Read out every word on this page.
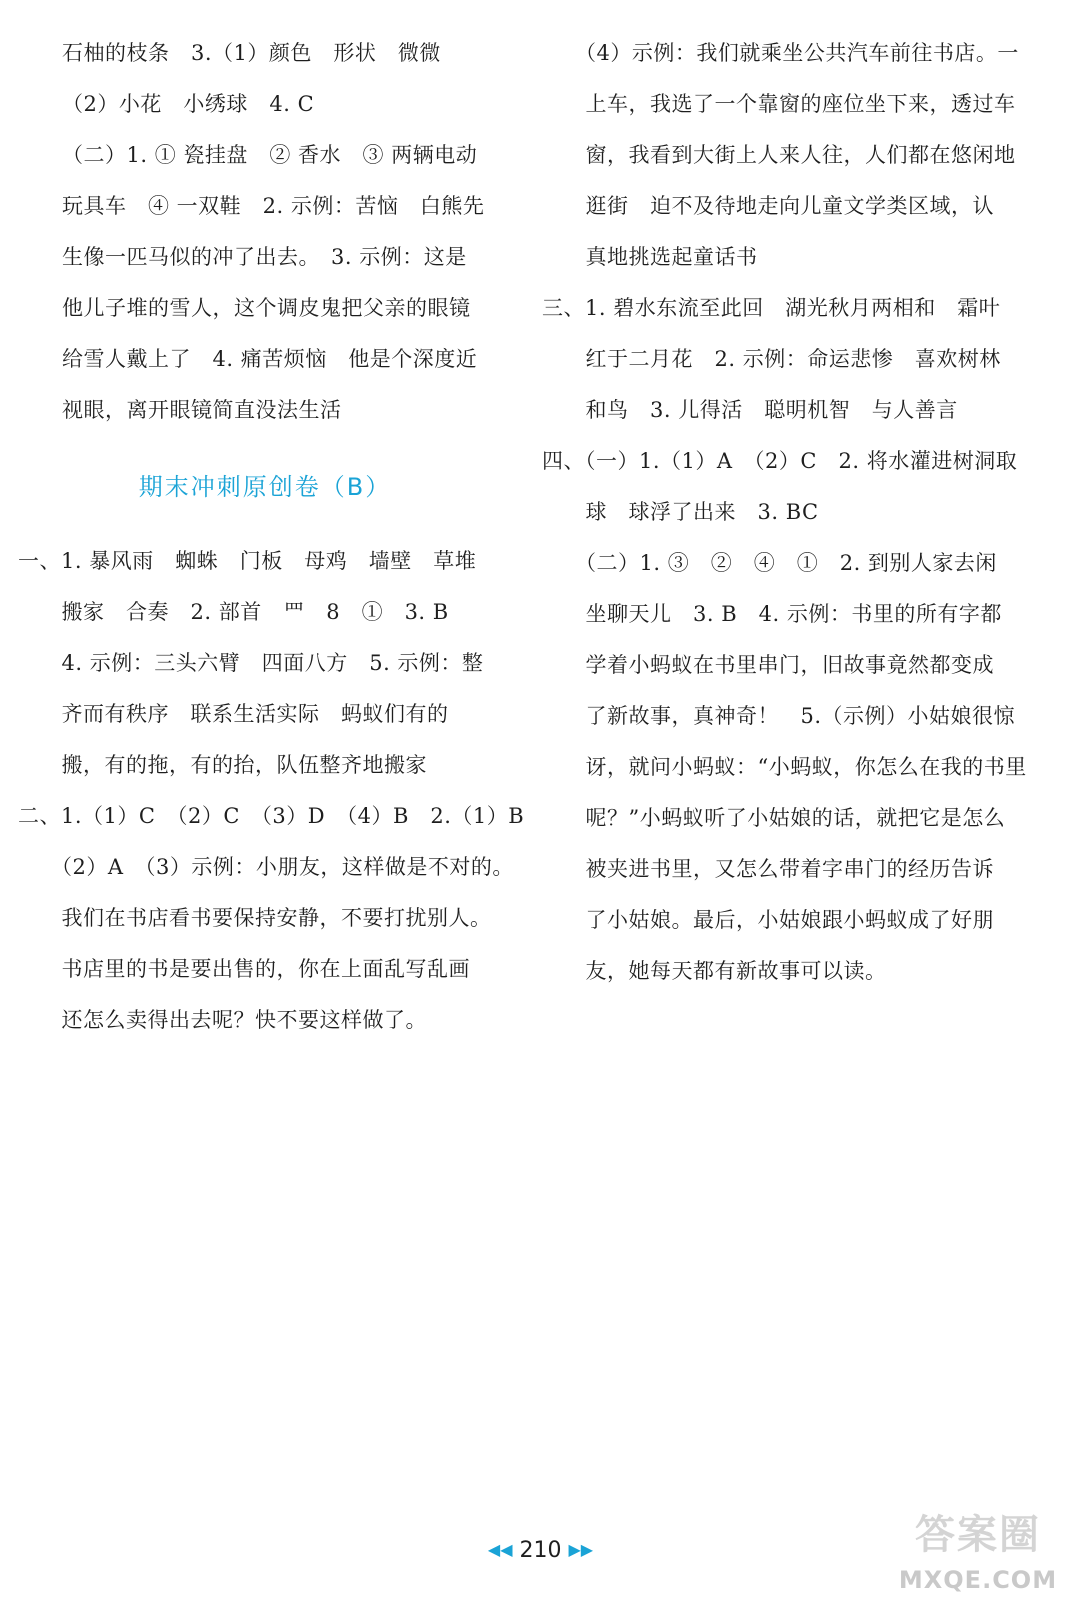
石柚的枝条　3.（1）颜色　形状　微微
（2）小花　小绣球　4. C
（二）1. ① 瓷挂盘　② 香水　③ 两辆电动
玩具车　④ 一双鞋　2. 示例：苦恼　白熊先
生像一匹马似的冲了出去。　3. 示例：这是
他儿子堆的雪人，这个调皮鬼把父亲的眼镜
给雪人戴上了　4. 痛苦烦恼　他是个深度近
视眼，离开眼镜简直没法生活
期末冲刺原创卷（B）
一、1. 暴风雨　蜘蛛　门板　母鸡　墙壁　草堆
　搬家　合奏　2. 部首　罒　8　①　3. B
　4. 示例：三头六臂　四面八方　5. 示例：整
　齐而有秩序　联系生活实际　蚂蚁们有的
　搬，有的拖，有的抬，队伍整齐地搬家
二、1.（1）C　（2）C　（3）D　（4）B　2.（1）B
　（2）A　（3）示例：小朋友，这样做是不对的。
　我们在书店看书要保持安静，不要打扰别人。
　书店里的书是要出售的，你在上面乱写乱画
　还怎么卖得出去呢？快不要这样做了。
　（4）示例：我们就乘坐公共汽车前往书店。一
　上车，我选了一个靠窗的座位坐下来，透过车
　窗，我看到大街上人来人往，人们都在悠闲地
　逛街　迫不及待地走向儿童文学类区域，认
　真地挑选起童话书
三、1. 碧水东流至此回　湖光秋月两相和　霜叶
　红于二月花　2. 示例：命运悲惨　喜欢树林
　和鸟　3. 儿得活　聪明机智　与人善言
四、（一）1.（1）A　（2）C　2. 将水灌进树洞取
　球　球浮了出来　3. BC
　（二）1. ③　②　④　①　2. 到别人家去闲
　坐聊天儿　3. B　4. 示例：书里的所有字都
　学着小蚂蚁在书里串门，旧故事竟然都变成
　了新故事，真神奇！　5.（示例）小姑娘很惊
　讶，就问小蚂蚁：“小蚂蚁，你怎么在我的书里
　呢？”小蚂蚁听了小姑娘的话，就把它是怎么
　被夹进书里，又怎么带着字串门的经历告诉
　了小姑娘。最后，小姑娘跟小蚂蚁成了好朋
　友，她每天都有新故事可以读。
◀◀ 210 ▶▶	答案圈
MXQE.COM
